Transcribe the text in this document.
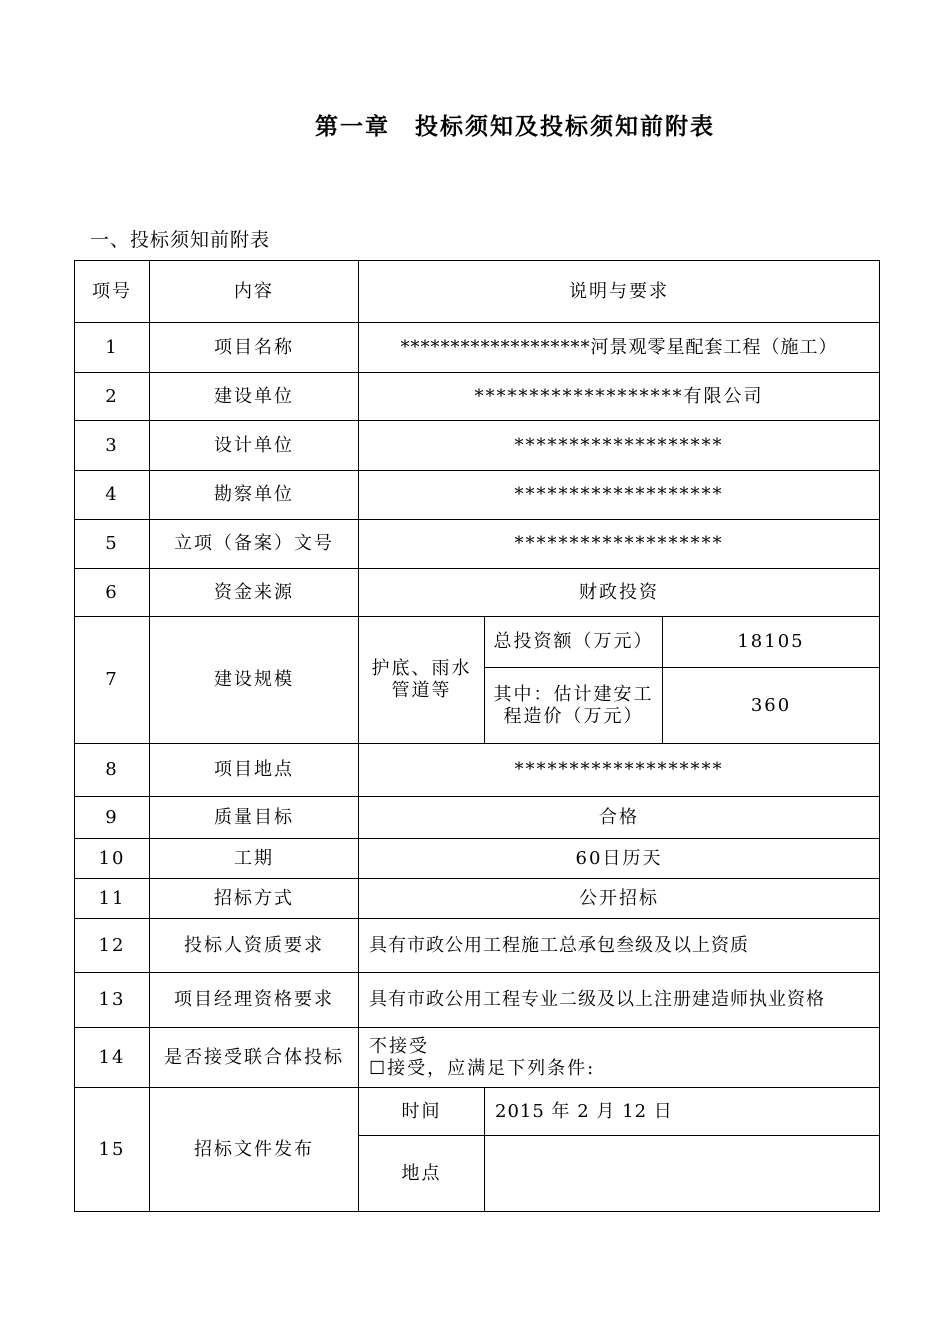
第一章　投标须知及投标须知前附表
一、投标须知前附表
项号	内容	说明与要求		
1	项目名称	*******************河景观零星配套工程（施工）		
2	建设单位	*******************有限公司		
3	设计单位	*******************		
4	勘察单位	*******************		
5	立项（备案）文号	*******************		
6	资金来源	财政投资		
7	建设规模	护底、雨水管道等	总投资额（万元）	18105
			其中：估计建安工程造价（万元）	360
8	项目地点	*******************		
9	质量目标	合格		
10	工期	60日历天		
11	招标方式	公开招标		
12	投标人资质要求	具有市政公用工程施工总承包叁级及以上资质		
13	项目经理资格要求	具有市政公用工程专业二级及以上注册建造师执业资格		
14	是否接受联合体投标	不接受
☐接受，应满足下列条件:		

15	招标文件发布	时间	2015 年 2 月 12 日	
		地点		
